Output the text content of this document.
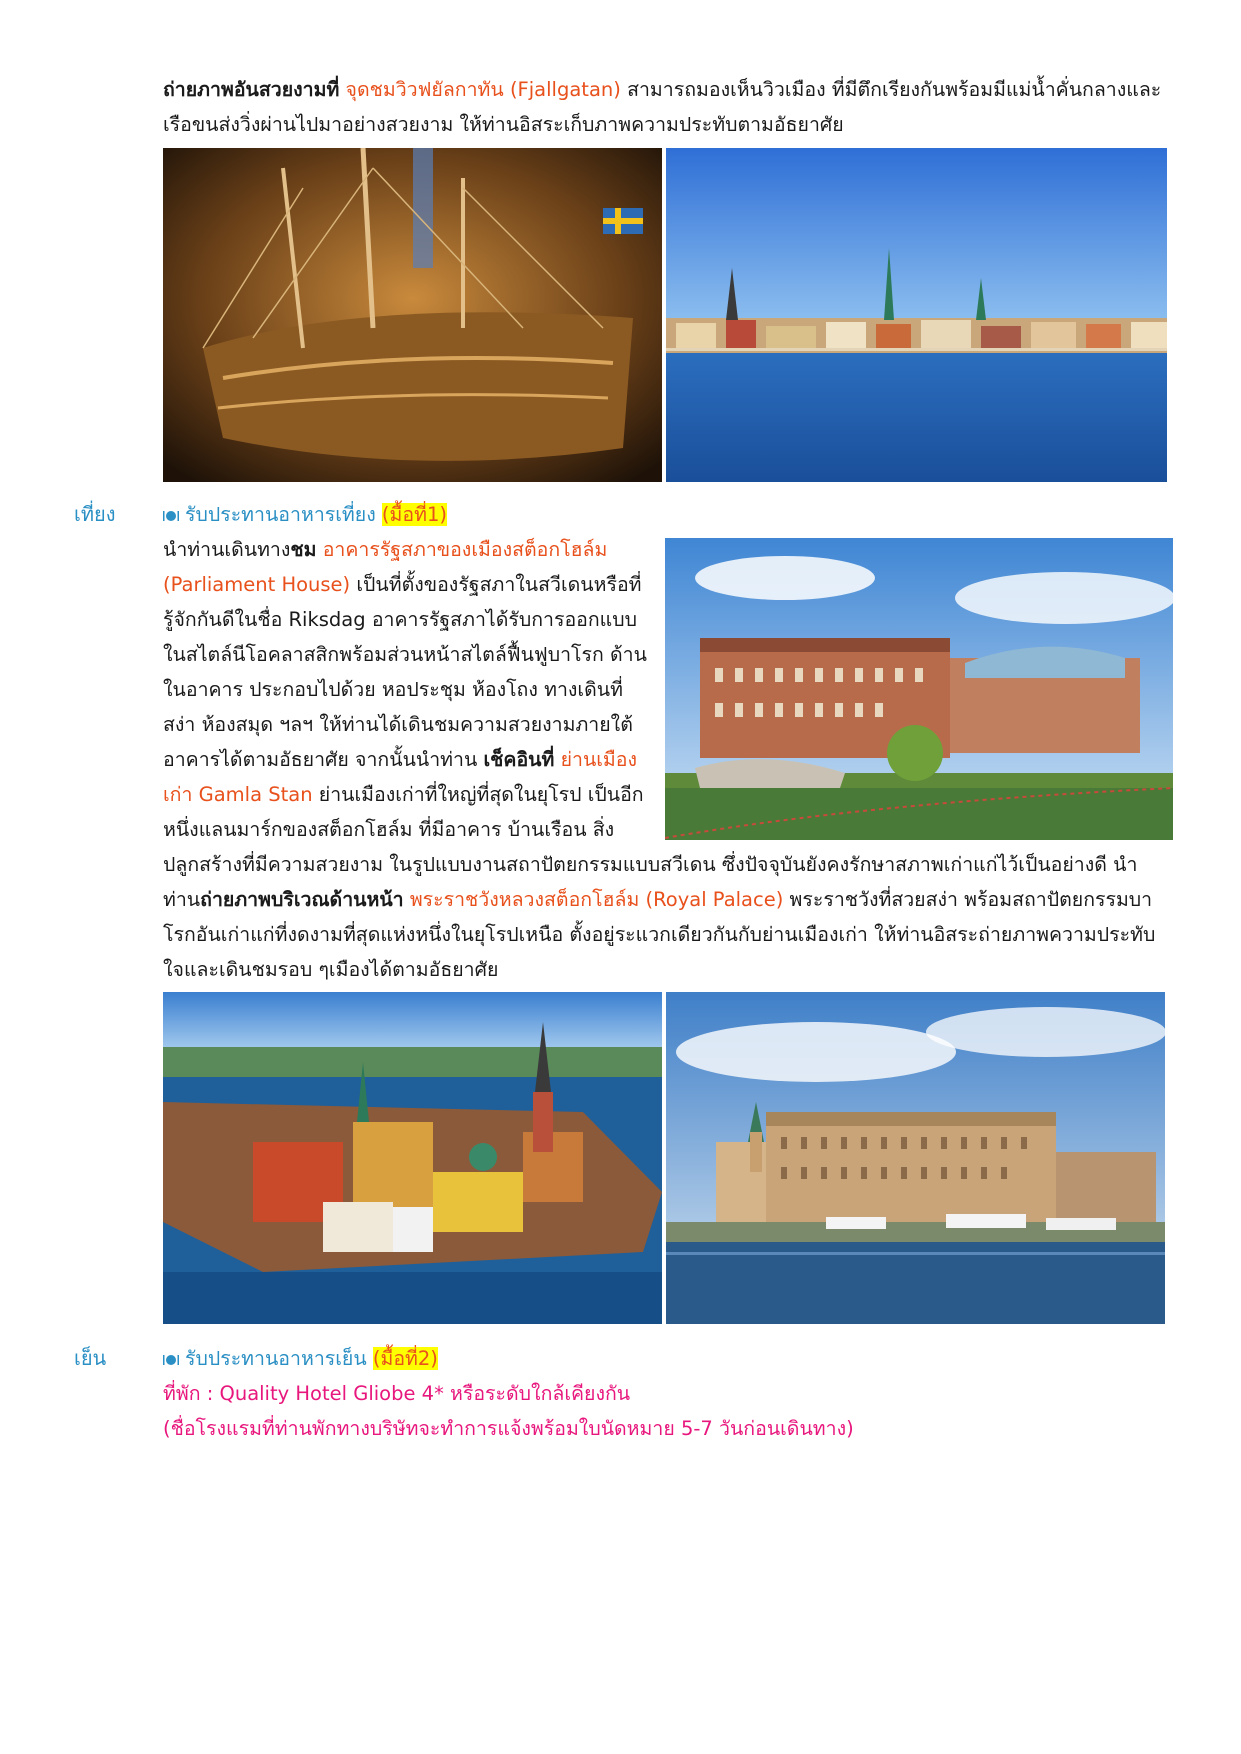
ถ่ายภาพอันสวยงามที่ จุดชมวิวฟยัลกาทัน (Fjallgatan) สามารถมองเห็นวิวเมือง ที่มีตึกเรียงกันพร้อมมีแม่น้ำคั่นกลางและเรือขนส่งวิ่งผ่านไปมาอย่างสวยงาม ให้ท่านอิสระเก็บภาพความประทับตามอัธยาศัย
เที่ยง	รับประทานอาหารเที่ยง (มื้อที่1)
นำท่านเดินทางชม อาคารรัฐสภาของเมืองสต็อกโฮล์ม (Parliament House) เป็นที่ตั้งของรัฐสภาในสวีเดนหรือที่รู้จักกันดีในชื่อ Riksdag อาคารรัฐสภาได้รับการออกแบบในสไตล์นีโอคลาสสิกพร้อมส่วนหน้าสไตล์ฟื้นฟูบาโรก ด้านในอาคาร ประกอบไปด้วย หอประชุม ห้องโถง ทางเดินที่สง่า ห้องสมุด ฯลฯ ให้ท่านได้เดินชมความสวยงามภายใต้อาคารได้ตามอัธยาศัย จากนั้นนำท่าน เช็คอินที่ ย่านเมืองเก่า Gamla Stan ย่านเมืองเก่าที่ใหญ่ที่สุดในยุโรป เป็นอีกหนึ่งแลนมาร์กของสต็อกโฮล์ม ที่มีอาคาร บ้านเรือน สิ่งปลูกสร้างที่มีความสวยงาม ในรูปแบบงานสถาปัตยกรรมแบบสวีเดน ซึ่งปัจจุบันยังคงรักษาสภาพเก่าแก่ไว้เป็นอย่างดี นำท่านถ่ายภาพบริเวณด้านหน้า พระราชวังหลวงสต็อกโฮล์ม (Royal Palace) พระราชวังที่สวยสง่า พร้อมสถาปัตยกรรมบาโรกอันเก่าแก่ที่งดงามที่สุดแห่งหนึ่งในยุโรปเหนือ ตั้งอยู่ระแวกเดียวกันกับย่านเมืองเก่า ให้ท่านอิสระถ่ายภาพความประทับใจและเดินชมรอบ ๆเมืองได้ตามอัธยาศัย
เย็น	รับประทานอาหารเย็น (มื้อที่2)
ที่พัก : Quality Hotel Gliobe 4* หรือระดับใกล้เคียงกัน
(ชื่อโรงแรมที่ท่านพักทางบริษัทจะทำการแจ้งพร้อมใบนัดหมาย 5-7 วันก่อนเดินทาง)
